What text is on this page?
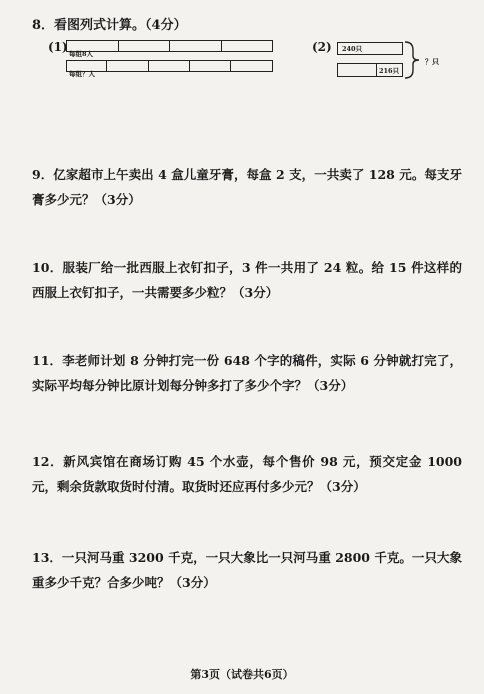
8．看图列式计算。（4分）
(1) 每组8人
每组？人
(2) 240只
216只
？只
9．亿家超市上午卖出 4 盒儿童牙膏，每盒 2 支，一共卖了 128 元。每支牙膏多少元？（3分）
10．服装厂给一批西服上衣钉扣子，3 件一共用了 24 粒。给 15 件这样的西服上衣钉扣子，一共需要多少粒？（3分）
11．李老师计划 8 分钟打完一份 648 个字的稿件，实际 6 分钟就打完了，实际平均每分钟比原计划每分钟多打了多少个字？（3分）
12．新风宾馆在商场订购 45 个水壶，每个售价 98 元，预交定金 1000 元，剩余货款取货时付清。取货时还应再付多少元？（3分）
13．一只河马重 3200 千克，一只大象比一只河马重 2800 千克。一只大象重多少千克？合多少吨？（3分）
第3页（试卷共6页）
